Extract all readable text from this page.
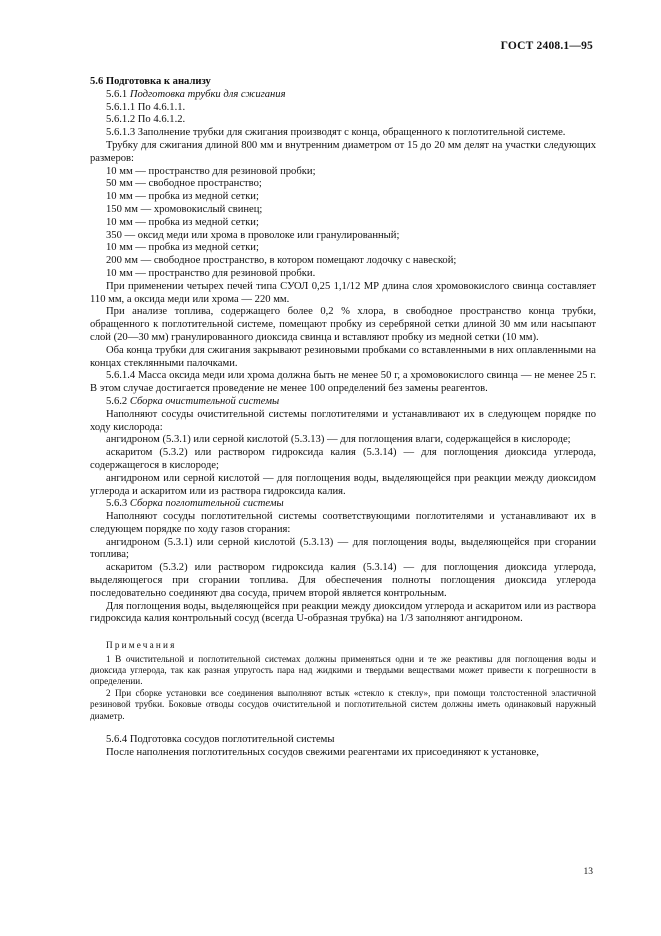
ГОСТ 2408.1—95

5.6 Подготовка к анализу

5.6.1 Подготовка трубки для сжигания

5.6.1.1 По 4.6.1.1.

5.6.1.2 По 4.6.1.2.

5.6.1.3 Заполнение трубки для сжигания производят с конца, обращенного к поглотительной системе.

Трубку для сжигания длиной 800 мм и внутренним диаметром от 15 до 20 мм делят на участки следующих размеров:

10 мм — пространство для резиновой пробки;

50 мм — свободное пространство;

10 мм — пробка из медной сетки;

150 мм — хромовокислый свинец;

10 мм — пробка из медной сетки;

350 — оксид меди или хрома в проволоке или гранулированный;

10 мм — пробка из медной сетки;

200 мм — свободное пространство, в котором помещают лодочку с навеской;

10 мм — пространство для резиновой пробки.

При применении четырех печей типа СУОЛ 0,25 1,1/12 МР длина слоя хромовокислого свинца составляет 110 мм, а оксида меди или хрома — 220 мм.

При анализе топлива, содержащего более 0,2 % хлора, в свободное пространство конца трубки, обращенного к поглотительной системе, помещают пробку из серебряной сетки длиной 30 мм или насыпают слой (20—30 мм) гранулированного диоксида свинца и вставляют пробку из медной сетки (10 мм).

Оба конца трубки для сжигания закрывают резиновыми пробками со вставленными в них оплавленными на концах стеклянными палочками.

5.6.1.4 Масса оксида меди или хрома должна быть не менее 50 г, а хромовокислого свинца — не менее 25 г. В этом случае достигается проведение не менее 100 определений без замены реагентов.

5.6.2 Сборка очистительной системы

Наполняют сосуды очистительной системы поглотителями и устанавливают их в следующем порядке по ходу кислорода:

ангидроном (5.3.1) или серной кислотой (5.3.13) — для поглощения влаги, содержащейся в кислороде;

аскаритом (5.3.2) или раствором гидроксида калия (5.3.14) — для поглощения диоксида углерода, содержащегося в кислороде;

ангидроном или серной кислотой — для поглощения воды, выделяющейся при реакции между диоксидом углерода и аскаритом или из раствора гидроксида калия.

5.6.3 Сборка поглотительной системы

Наполняют сосуды поглотительной системы соответствующими поглотителями и устанавливают их в следующем порядке по ходу газов сгорания:

ангидроном (5.3.1) или серной кислотой (5.3.13) — для поглощения воды, выделяющейся при сгорании топлива;

аскаритом (5.3.2) или раствором гидроксида калия (5.3.14) — для поглощения диоксида углерода, выделяющегося при сгорании топлива. Для обеспечения полноты поглощения диоксида углерода последовательно соединяют два сосуда, причем второй является контрольным.

Для поглощения воды, выделяющейся при реакции между диоксидом углерода и аскаритом или из раствора гидроксида калия контрольный сосуд (всегда U-образная трубка) на 1/3 заполняют ангидроном.

Примечания

1 В очистительной и поглотительной системах должны применяться одни и те же реактивы для поглощения воды и диоксида углерода, так как разная упругость пара над жидкими и твердыми веществами может привести к погрешности в определении.

2 При сборке установки все соединения выполняют встык «стекло к стеклу», при помощи толстостенной эластичной резиновой трубки. Боковые отводы сосудов очистительной и поглотительной систем должны иметь одинаковый наружный диаметр.

5.6.4 Подготовка сосудов поглотительной системы

После наполнения поглотительных сосудов свежими реагентами их присоединяют к установке,

13
